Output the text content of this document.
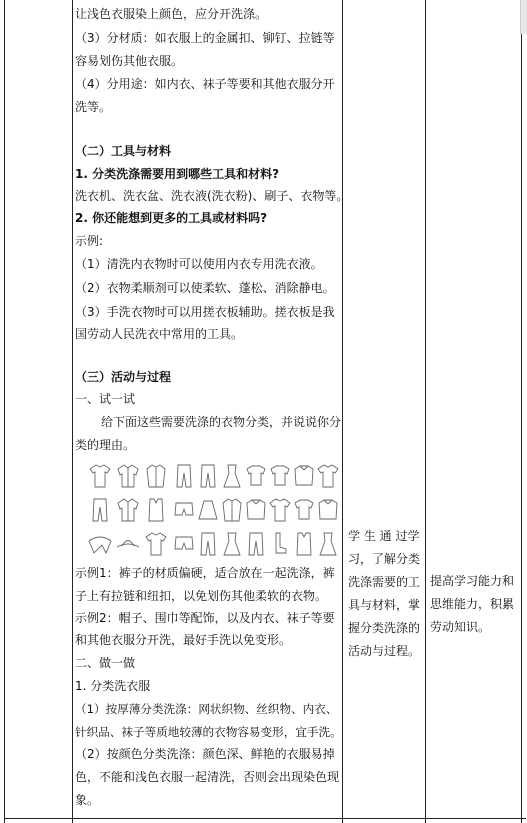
让浅色衣服染上颜色，应分开洗涤。
（3）分材质：如衣服上的金属扣、铆钉、拉链等
容易划伤其他衣服。
（4）分用途：如内衣、袜子等要和其他衣服分开
洗等。
（二）工具与材料
1. 分类洗涤需要用到哪些工具和材料?
洗衣机、洗衣盆、洗衣液(洗衣粉)、刷子、衣物等。
2. 你还能想到更多的工具或材料吗?
示例:
（1）清洗内衣物时可以使用内衣专用洗衣液。
（2）衣物柔顺剂可以使柔软、蓬松、消除静电。
（3）手洗衣物时可以用搓衣板辅助。搓衣板是我
国劳动人民洗衣中常用的工具。
（三）活动与过程
一、试一试
给下面这些需要洗涤的衣物分类，并说说你分
类的理由。
示例1：裤子的材质偏硬，适合放在一起洗涤，裤
子上有拉链和纽扣，以免划伤其他柔软的衣物。
示例2：帽子、围巾等配饰，以及内衣、袜子等要
和其他衣服分开洗，最好手洗以免变形。
二、做一做
1. 分类洗衣服
（1）按厚薄分类洗涤：网状织物、丝织物、内衣、
针织品、袜子等质地较薄的衣物容易变形，宜手洗。
（2）按颜色分类洗涤：颜色深、鲜艳的衣服易掉
色，不能和浅色衣服一起清洗，否则会出现染色现
象。
学 生 通 过学
习，了解分类
洗涤需要的工
具与材料，掌
握分类洗涤的
活动与过程。
提高学习能力和
思维能力，积累
劳动知识。
